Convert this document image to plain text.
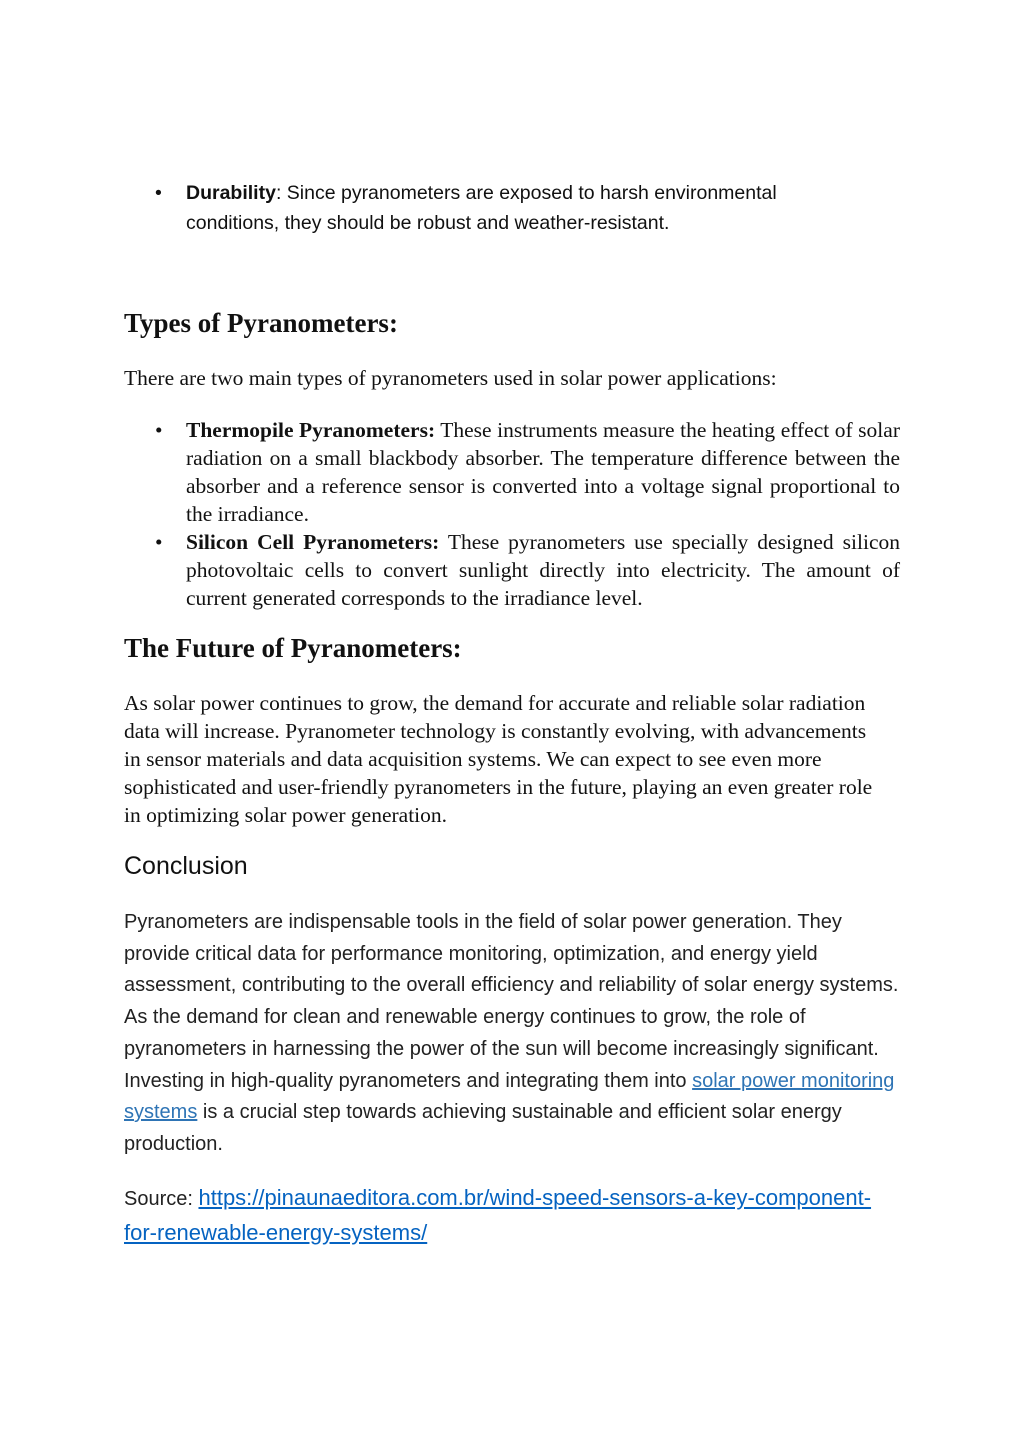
• Durability: Since pyranometers are exposed to harsh environmental conditions, they should be robust and weather-resistant.
Types of Pyranometers:

There are two main types of pyranometers used in solar power applications:

• Thermopile Pyranometers: These instruments measure the heating effect of solar radiation on a small blackbody absorber. The temperature difference between the absorber and a reference sensor is converted into a voltage signal proportional to the irradiance.
• Silicon Cell Pyranometers: These pyranometers use specially designed silicon photovoltaic cells to convert sunlight directly into electricity. The amount of current generated corresponds to the irradiance level.
The Future of Pyranometers:

As solar power continues to grow, the demand for accurate and reliable solar radiation data will increase. Pyranometer technology is constantly evolving, with advancements in sensor materials and data acquisition systems. We can expect to see even more sophisticated and user-friendly pyranometers in the future, playing an even greater role in optimizing solar power generation.

Conclusion

Pyranometers are indispensable tools in the field of solar power generation. They provide critical data for performance monitoring, optimization, and energy yield assessment, contributing to the overall efficiency and reliability of solar energy systems. As the demand for clean and renewable energy continues to grow, the role of pyranometers in harnessing the power of the sun will become increasingly significant. Investing in high-quality pyranometers and integrating them into solar power monitoring systems is a crucial step towards achieving sustainable and efficient solar energy production.

Source: https://pinaunaeditora.com.br/wind-speed-sensors-a-key-component-for-renewable-energy-systems/
